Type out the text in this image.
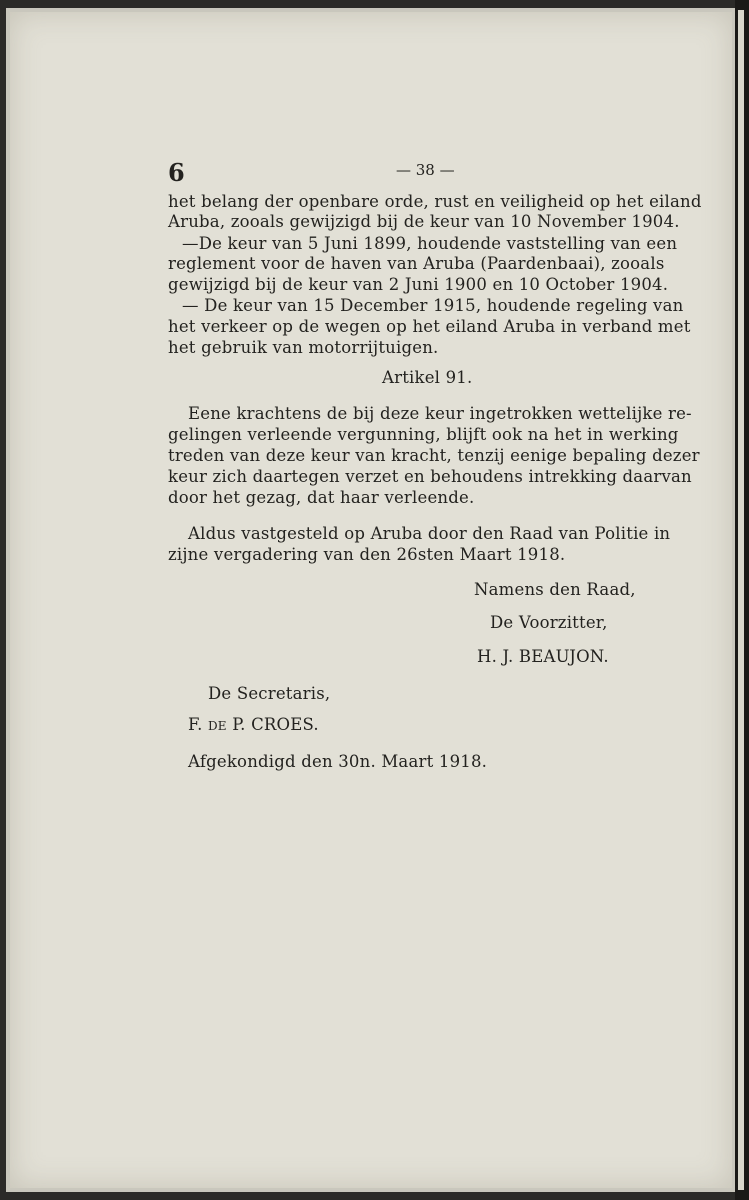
6	— 38 —
het belang der openbare orde, rust en veiligheid op het eiland
Aruba, zooals gewijzigd bij de keur van 10 November 1904.
—De keur van 5 Juni 1899, houdende vaststelling van een
reglement voor de haven van Aruba (Paardenbaai), zooals
gewijzigd bij de keur van 2 Juni 1900 en 10 October 1904.
— De keur van 15 December 1915, houdende regeling van
het verkeer op de wegen op het eiland Aruba in verband met
het gebruik van motorrijtuigen.
Artikel 91.
Eene krachtens de bij deze keur ingetrokken wettelijke re-
gelingen verleende vergunning, blijft ook na het in werking
treden van deze keur van kracht, tenzij eenige bepaling dezer
keur zich daartegen verzet en behoudens intrekking daarvan
door het gezag, dat haar verleende.
Aldus vastgesteld op Aruba door den Raad van Politie in
zijne vergadering van den 26sten Maart 1918.
Namens den Raad,
De Voorzitter,
H. J. BEAUJON.
De Secretaris,
F. de P. CROES.
Afgekondigd den 30n. Maart 1918.
